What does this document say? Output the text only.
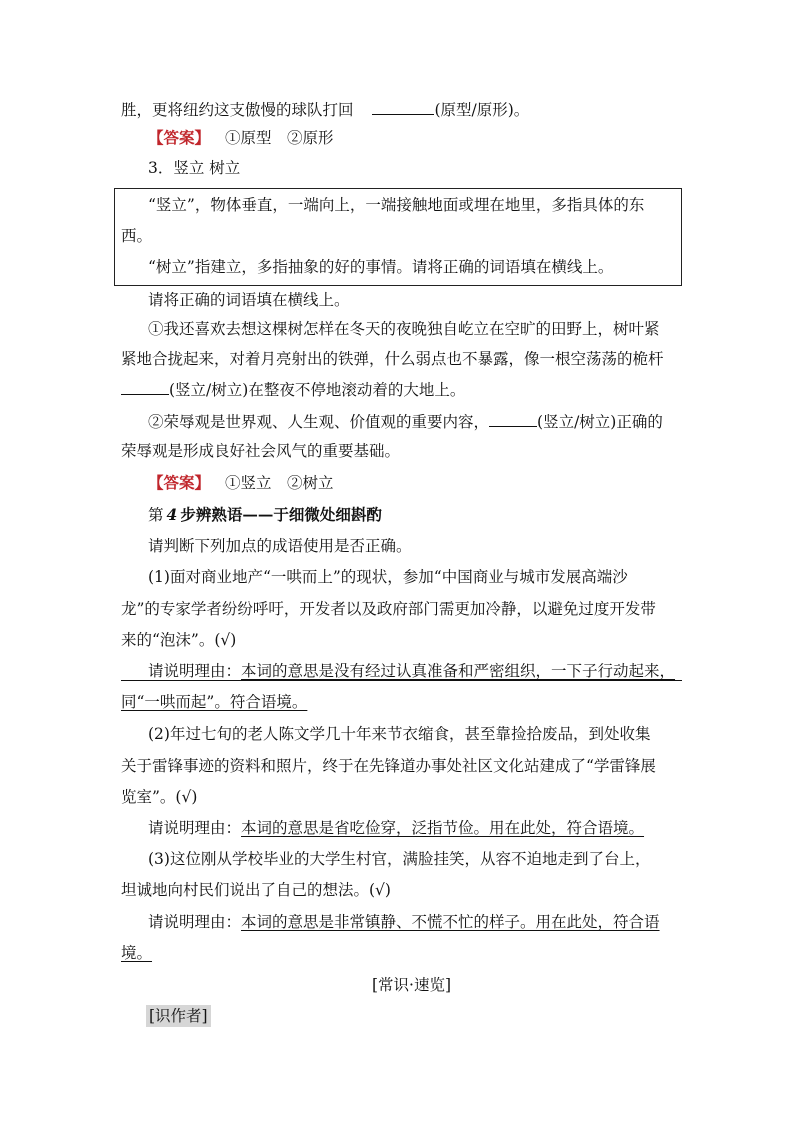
胜，更将纽约这支傲慢的球队打回	(原型/原形)。
【答案】 ①原型　②原形
3．竖立 树立
“竖立”，物体垂直，一端向上，一端接触地面或埋在地里，多指具体的东
西。
“树立”指建立，多指抽象的好的事情。请将正确的词语填在横线上。
请将正确的词语填在横线上。
①我还喜欢去想这棵树怎样在冬天的夜晚独自屹立在空旷的田野上，树叶紧
紧地合拢起来，对着月亮射出的铁弹，什么弱点也不暴露，像一根空荡荡的桅杆
(竖立/树立)在整夜不停地滚动着的大地上。
②荣辱观是世界观、人生观、价值观的重要内容，	(竖立/树立)正确的
荣辱观是形成良好社会风气的重要基础。
【答案】 ①竖立　②树立
第 4 步辨熟语——于细微处细斟酌
请判断下列加点的成语使用是否正确。
(1)面对商业地产“一哄而上”的现状，参加“中国商业与城市发展高端沙
龙”的专家学者纷纷呼吁，开发者以及政府部门需更加冷静，以避免过度开发带
来的“泡沫”。(√)
请说明理由：本词的意思是没有经过认真准备和严密组织，一下子行动起来，
同“一哄而起”。符合语境。
(2)年过七旬的老人陈文学几十年来节衣缩食，甚至靠捡拾废品，到处收集
关于雷锋事迹的资料和照片，终于在先锋道办事处社区文化站建成了“学雷锋展
览室”。(√)
请说明理由：本词的意思是省吃俭穿，泛指节俭。用在此处，符合语境。
(3)这位刚从学校毕业的大学生村官，满脸挂笑，从容不迫地走到了台上，
坦诚地向村民们说出了自己的想法。(√)
请说明理由：本词的意思是非常镇静、不慌不忙的样子。用在此处，符合语
境。
[常识·速览]
[识作者]
